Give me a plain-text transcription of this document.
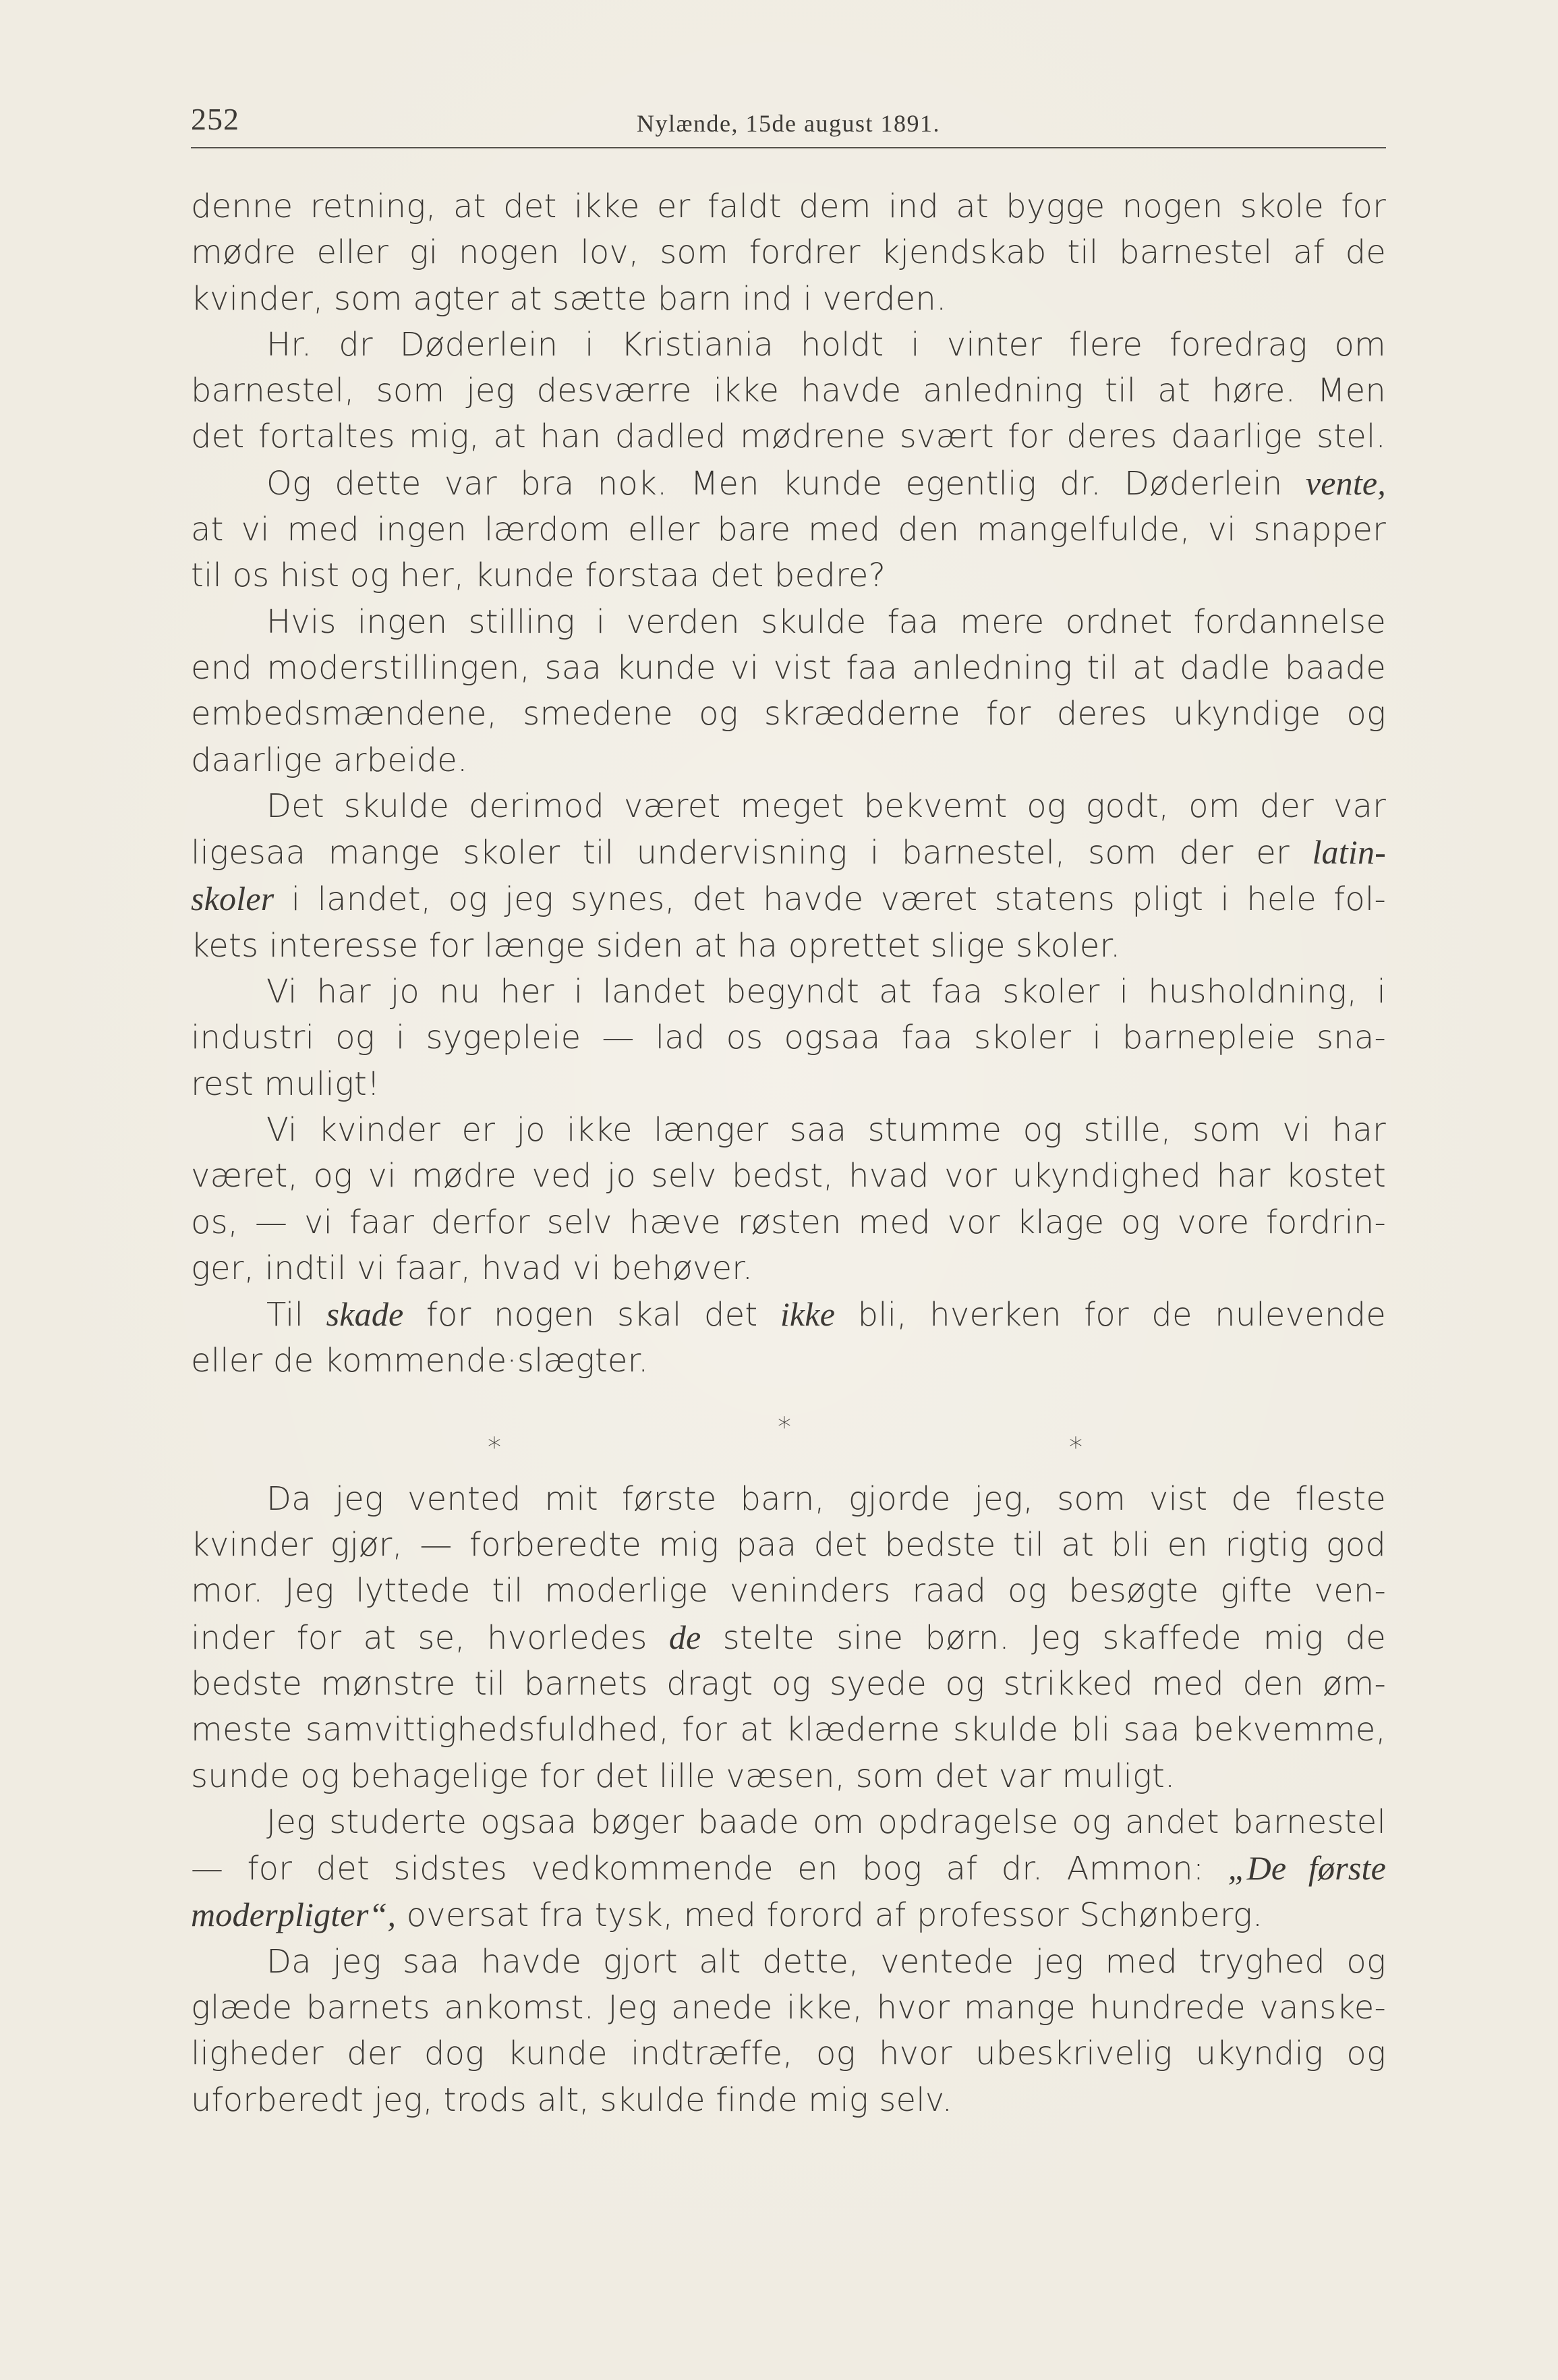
252	Nylænde, 15de august 1891.

denne retning, at det ikke er faldt dem ind at bygge nogen skole for
mødre eller gi nogen lov, som fordrer kjendskab til barnestel af de
kvinder, som agter at sætte barn ind i verden.

Hr. dr Døderlein i Kristiania holdt i vinter flere foredrag om
barnestel, som jeg desværre ikke havde anledning til at høre. Men
det fortaltes mig, at han dadled mødrene svært for deres daarlige stel.

Og dette var bra nok. Men kunde egentlig dr. Døderlein vente,
at vi med ingen lærdom eller bare med den mangelfulde, vi snapper
til os hist og her, kunde forstaa det bedre?

Hvis ingen stilling i verden skulde faa mere ordnet fordannelse
end moderstillingen, saa kunde vi vist faa anledning til at dadle baade
embedsmændene, smedene og skrædderne for deres ukyndige og
daarlige arbeide.

Det skulde derimod været meget bekvemt og godt, om der var
ligesaa mange skoler til undervisning i barnestel, som der er latin-
skoler i landet, og jeg synes, det havde været statens pligt i hele fol-
kets interesse for længe siden at ha oprettet slige skoler.

Vi har jo nu her i landet begyndt at faa skoler i husholdning, i
industri og i sygepleie — lad os ogsaa faa skoler i barnepleie sna-
rest muligt!

Vi kvinder er jo ikke længer saa stumme og stille, som vi har
været, og vi mødre ved jo selv bedst, hvad vor ukyndighed har kostet
os, — vi faar derfor selv hæve røsten med vor klage og vore fordrin-
ger, indtil vi faar, hvad vi behøver.

Til skade for nogen skal det ikke bli, hverken for de nulevende
eller de kommende·slægter.

*
*	*

Da jeg vented mit første barn, gjorde jeg, som vist de fleste
kvinder gjør, — forberedte mig paa det bedste til at bli en rigtig god
mor. Jeg lyttede til moderlige veninders raad og besøgte gifte ven-
inder for at se, hvorledes de stelte sine børn. Jeg skaffede mig de
bedste mønstre til barnets dragt og syede og strikked med den øm-
meste samvittighedsfuldhed, for at klæderne skulde bli saa bekvemme,
sunde og behagelige for det lille væsen, som det var muligt.

Jeg studerte ogsaa bøger baade om opdragelse og andet barnestel
— for det sidstes vedkommende en bog af dr. Ammon: „De første
moderpligter“, oversat fra tysk, med forord af professor Schønberg.

Da jeg saa havde gjort alt dette, ventede jeg med tryghed og
glæde barnets ankomst. Jeg anede ikke, hvor mange hundrede vanske-
ligheder der dog kunde indtræffe, og hvor ubeskrivelig ukyndig og
uforberedt jeg, trods alt, skulde finde mig selv.
